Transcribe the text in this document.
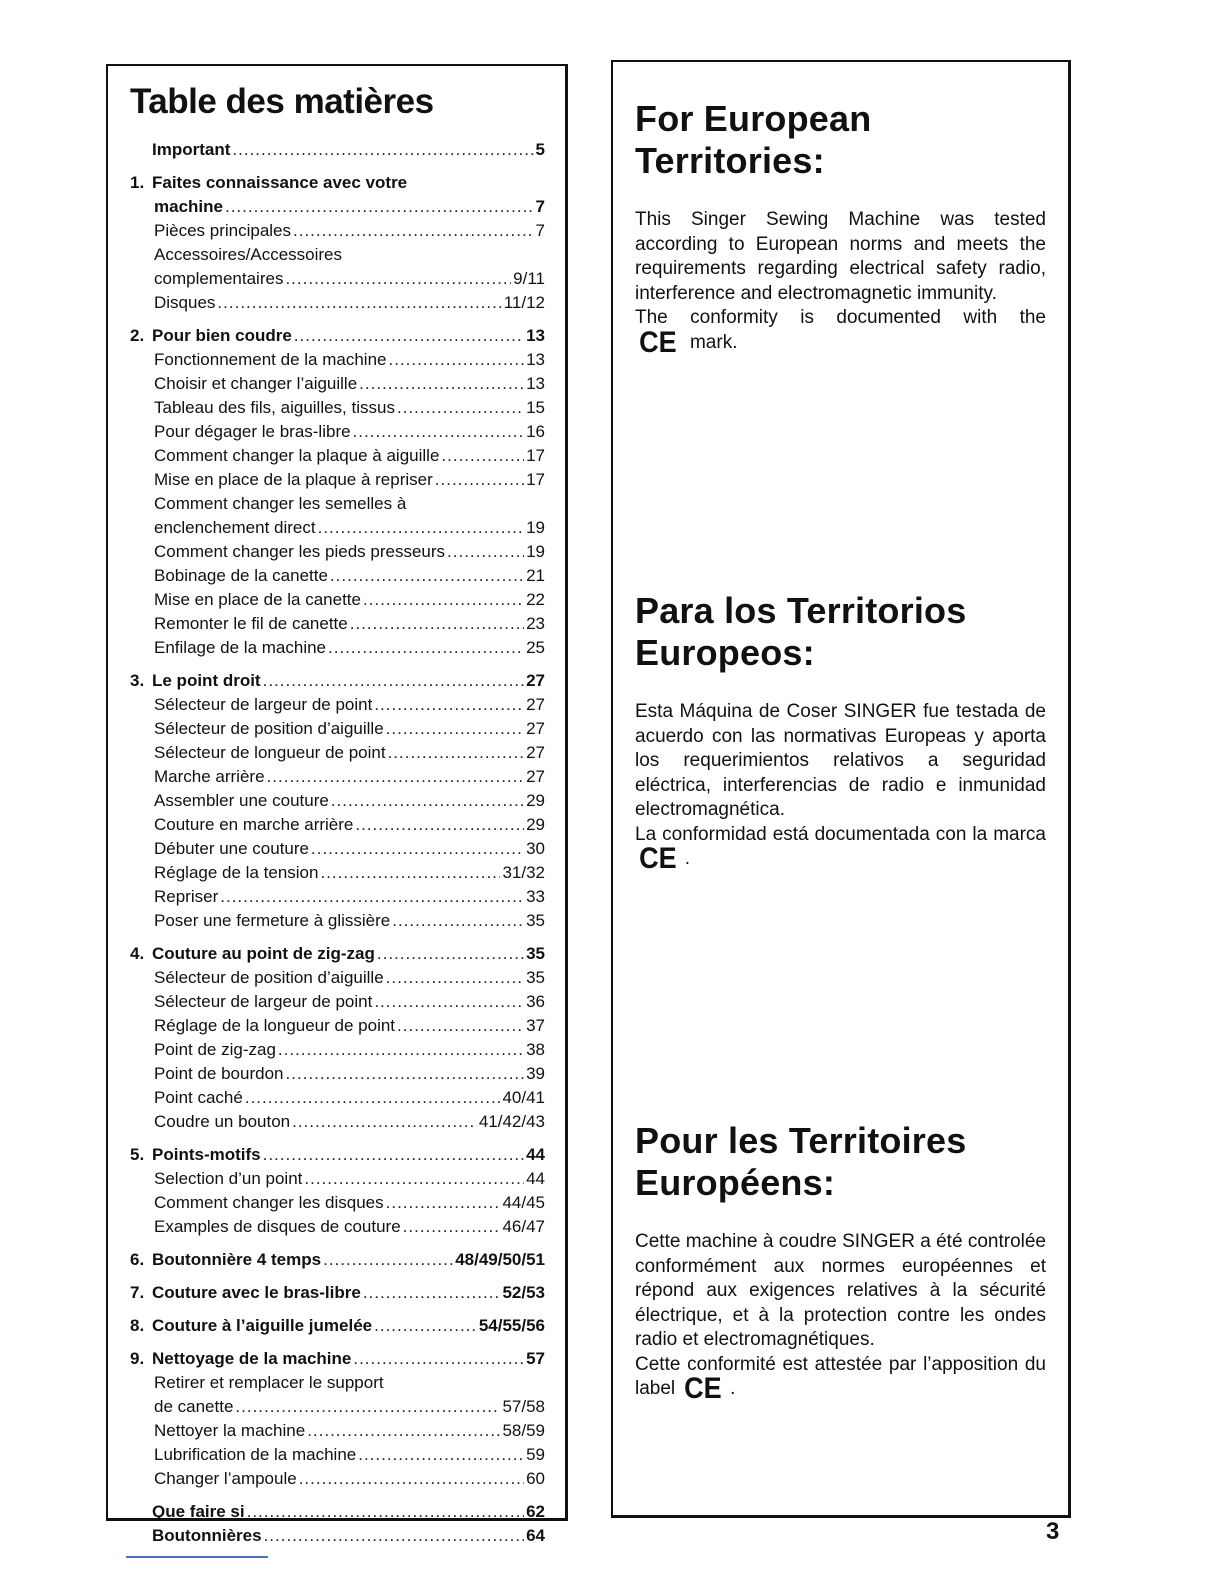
Table des matières
Important .....	5
1. Faites connaissance avec votre
machine .....	7
Pièces principales .....	7
Accessoires/Accessoires
complementaires .....	9/11
Disques .....	11/12
2. Pour bien coudre .....	13
Fonctionnement de la machine .....	13
Choisir et changer l’aiguille .....	13
Tableau des fils, aiguilles, tissus .....	15
Pour dégager le bras-libre .....	16
Comment changer la plaque à aiguille .....	17
Mise en place de la plaque à repriser .....	17
Comment changer les semelles à
enclenchement direct .....	19
Comment changer les pieds presseurs .....	19
Bobinage de la canette .....	21
Mise en place de la canette .....	22
Remonter le fil de canette .....	23
Enfilage de la machine .....	25
3. Le point droit .....	27
Sélecteur de largeur de point .....	27
Sélecteur de position d’aiguille .....	27
Sélecteur de longueur de point .....	27
Marche arrière .....	27
Assembler une couture .....	29
Couture en marche arrière .....	29
Débuter une couture .....	30
Réglage de la tension .....	31/32
Repriser .....	33
Poser une fermeture à glissière .....	35
4. Couture au point de zig-zag .....	35
Sélecteur de position d’aiguille .....	35
Sélecteur de largeur de point .....	36
Réglage de la longueur de point .....	37
Point de zig-zag .....	38
Point de bourdon .....	39
Point caché .....	40/41
Coudre un bouton .....	41/42/43
5. Points-motifs .....	44
Selection d’un point .....	44
Comment changer les disques .....	44/45
Examples de disques de couture .....	46/47
6. Boutonnière 4 temps .....	48/49/50/51
7. Couture avec le bras-libre .....	52/53
8. Couture à l’aiguille jumelée .....	54/55/56
9. Nettoyage de la machine .....	57
Retirer et remplacer le support
de canette .....	57/58
Nettoyer la machine .....	58/59
Lubrification de la machine .....	59
Changer l’ampoule .....	60
Que faire si .....	62
Boutonnières .....	64
For European
Territories:

This Singer Sewing Machine was tested according to European norms and meets the requirements regarding electrical safety radio, interference and electromagnetic immunity.

The conformity is documented with the
CE mark.

Para los Territorios
Europeos:

Esta Máquina de Coser SINGER fue testada de acuerdo con las normativas Europeas y aporta los requerimientos relativos a seguridad eléctrica, interferencias de radio e inmunidad electromagnética.
La conformidad está documentada con la marca CE .

Pour les Territoires
Européens:

Cette machine à coudre SINGER a été controlée conformément aux normes européennes et répond aux exigences relatives à la sécurité électrique, et à la protection contre les ondes radio et electromagnétiques.
Cette conformité est attestée par l’apposition du label CE .

3
